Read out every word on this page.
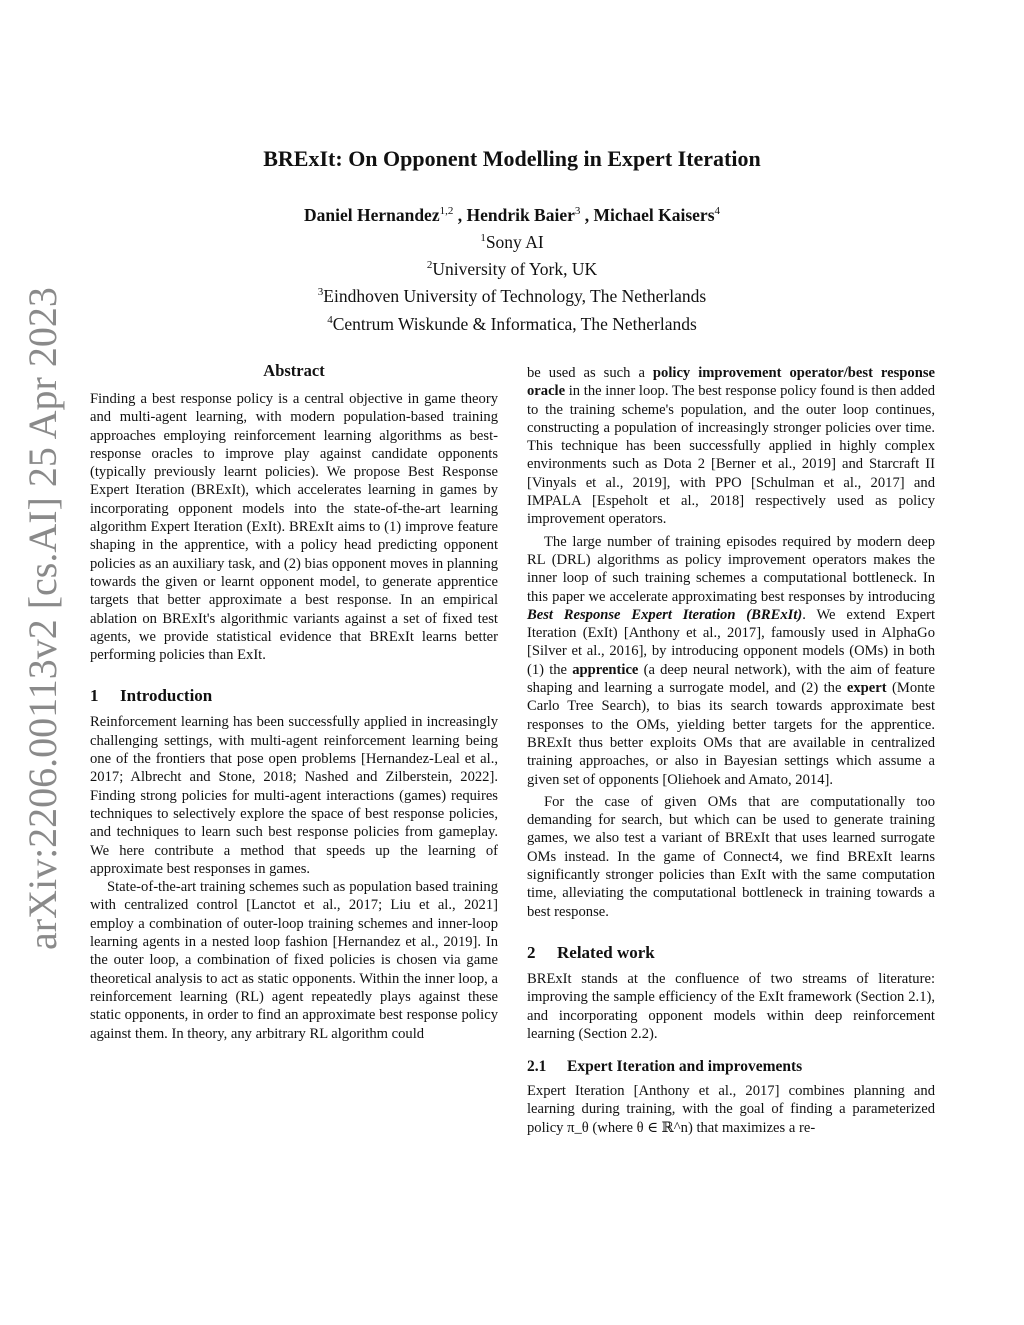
arXiv:2206.00113v2 [cs.AI] 25 Apr 2023
BRExIt: On Opponent Modelling in Expert Iteration
Daniel Hernandez$^{1,2}$ , Hendrik Baier$^3$ , Michael Kaisers$^4$
$^1$Sony AI
$^2$University of York, UK
$^3$Eindhoven University of Technology, The Netherlands
$^4$Centrum Wiskunde & Informatica, The Netherlands
Abstract

Finding a best response policy is a central objective in game theory and multi-agent learning, with modern population-based training approaches employing reinforcement learning algorithms as best-response oracles to improve play against candidate opponents (typically previously learnt policies). We propose Best Response Expert Iteration (BRExIt), which accelerates learning in games by incorporating opponent models into the state-of-the-art learning algorithm Expert Iteration (ExIt). BRExIt aims to (1) improve feature shaping in the apprentice, with a policy head predicting opponent policies as an auxiliary task, and (2) bias opponent moves in planning towards the given or learnt opponent model, to generate apprentice targets that better approximate a best response. In an empirical ablation on BRExIt's algorithmic variants against a set of fixed test agents, we provide statistical evidence that BRExIt learns better performing policies than ExIt.

1 Introduction

Reinforcement learning has been successfully applied in increasingly challenging settings, with multi-agent reinforcement learning being one of the frontiers that pose open problems [Hernandez-Leal et al., 2017; Albrecht and Stone, 2018; Nashed and Zilberstein, 2022]. Finding strong policies for multi-agent interactions (games) requires techniques to selectively explore the space of best response policies, and techniques to learn such best response policies from gameplay. We here contribute a method that speeds up the learning of approximate best responses in games.

State-of-the-art training schemes such as population based training with centralized control [Lanctot et al., 2017; Liu et al., 2021] employ a combination of outer-loop training schemes and inner-loop learning agents in a nested loop fashion [Hernandez et al., 2019]. In the outer loop, a combination of fixed policies is chosen via game theoretical analysis to act as static opponents. Within the inner loop, a reinforcement learning (RL) agent repeatedly plays against these static opponents, in order to find an approximate best response policy against them. In theory, any arbitrary RL algorithm could

be used as such a policy improvement operator/best response oracle in the inner loop. The best response policy found is then added to the training scheme's population, and the outer loop continues, constructing a population of increasingly stronger policies over time. This technique has been successfully applied in highly complex environments such as Dota 2 [Berner et al., 2019] and Starcraft II [Vinyals et al., 2019], with PPO [Schulman et al., 2017] and IMPALA [Espeholt et al., 2018] respectively used as policy improvement operators.

The large number of training episodes required by modern deep RL (DRL) algorithms as policy improvement operators makes the inner loop of such training schemes a computational bottleneck. In this paper we accelerate approximating best responses by introducing Best Response Expert Iteration (BRExIt). We extend Expert Iteration (ExIt) [Anthony et al., 2017], famously used in AlphaGo [Silver et al., 2016], by introducing opponent models (OMs) in both (1) the apprentice (a deep neural network), with the aim of feature shaping and learning a surrogate model, and (2) the expert (Monte Carlo Tree Search), to bias its search towards approximate best responses to the OMs, yielding better targets for the apprentice. BRExIt thus better exploits OMs that are available in centralized training approaches, or also in Bayesian settings which assume a given set of opponents [Oliehoek and Amato, 2014].

For the case of given OMs that are computationally too demanding for search, but which can be used to generate training games, we also test a variant of BRExIt that uses learned surrogate OMs instead. In the game of Connect4, we find BRExIt learns significantly stronger policies than ExIt with the same computation time, alleviating the computational bottleneck in training towards a best response.

2 Related work

BRExIt stands at the confluence of two streams of literature: improving the sample efficiency of the ExIt framework (Section 2.1), and incorporating opponent models within deep reinforcement learning (Section 2.2).

2.1 Expert Iteration and improvements

Expert Iteration [Anthony et al., 2017] combines planning and learning during training, with the goal of finding a parameterized policy π_θ (where θ ∈ ℝ^n) that maximizes a re-
